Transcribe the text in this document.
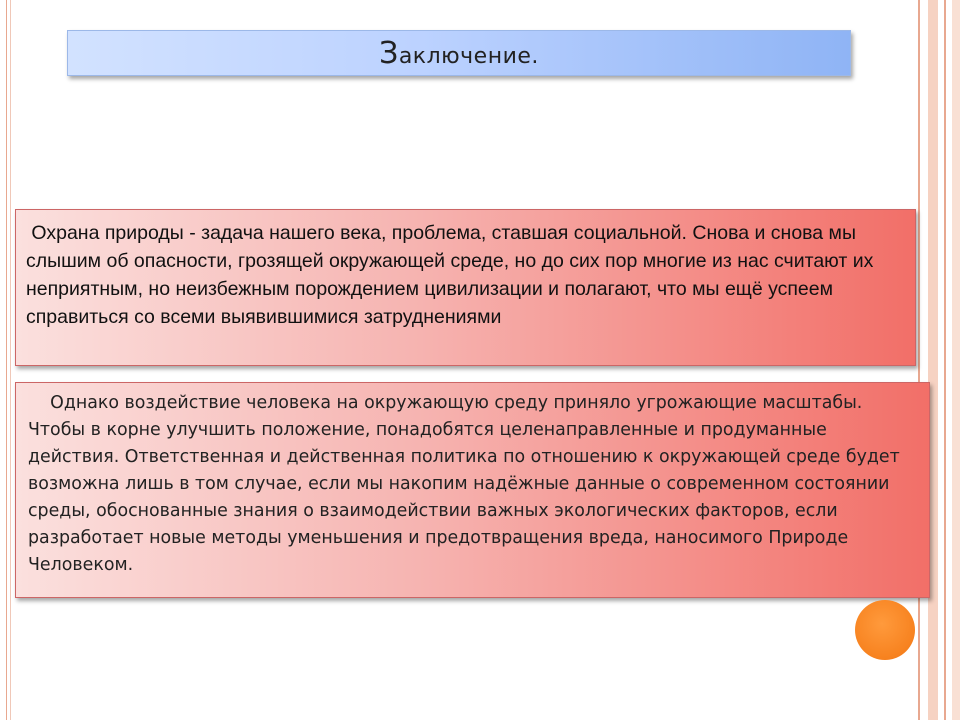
Заключение.

Охрана природы - задача нашего века, проблема, ставшая социальной. Снова и снова мы слышим об опасности, грозящей окружающей среде, но до сих пор многие из нас считают их неприятным, но неизбежным порождением цивилизации и полагают, что мы ещё успеем справиться со всеми выявившимися затруднениями

Однако воздействие человека на окружающую среду приняло угрожающие масштабы. Чтобы в корне улучшить положение, понадобятся целенаправленные и продуманные действия. Ответственная и действенная политика по отношению к окружающей среде будет возможна лишь в том случае, если мы накопим надёжные данные о современном состоянии среды, обоснованные знания о взаимодействии важных экологических факторов, если разработает новые методы уменьшения и предотвращения вреда, наносимого Природе Человеком.
